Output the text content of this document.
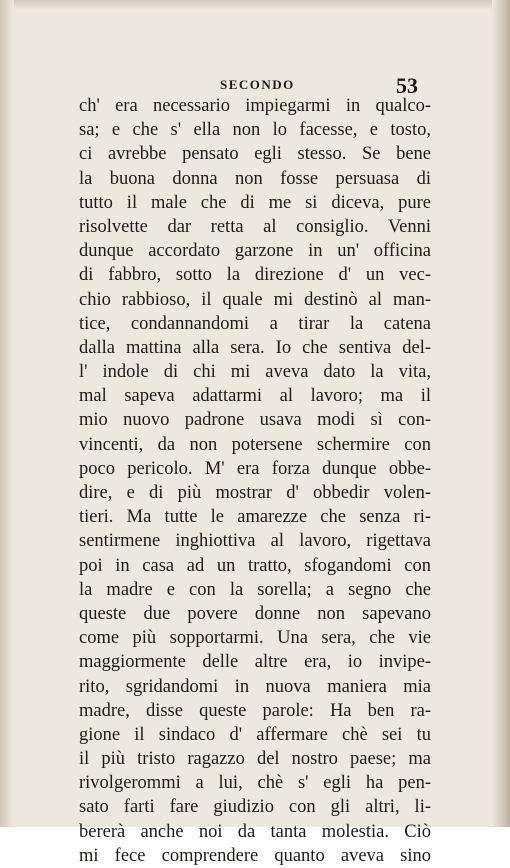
SECONDO	53
ch' era necessario impiegarmi in qualco-
sa; e che s' ella non lo facesse, e tosto,
ci avrebbe pensato egli stesso. Se bene
la buona donna non fosse persuasa di
tutto il male che di me si diceva, pure
risolvette dar retta al consiglio. Venni
dunque accordato garzone in un' officina
di fabbro, sotto la direzione d' un vec-
chio rabbioso, il quale mi destinò al man-
tice, condannandomi a tirar la catena
dalla mattina alla sera. Io che sentiva del-
l' indole di chi mi aveva dato la vita,
mal sapeva adattarmi al lavoro; ma il
mio nuovo padrone usava modi sì con-
vincenti, da non potersene schermire con
poco pericolo. M' era forza dunque obbe-
dire, e di più mostrar d' obbedir volen-
tieri. Ma tutte le amarezze che senza ri-
sentirmene inghiottiva al lavoro, rigettava
poi in casa ad un tratto, sfogandomi con
la madre e con la sorella; a segno che
queste due povere donne non sapevano
come più sopportarmi. Una sera, che vie
maggiormente delle altre era, io invipe-
rito, sgridandomi in nuova maniera mia
madre, disse queste parole: Ha ben ra-
gione il sindaco d' affermare chè sei tu
il più tristo ragazzo del nostro paese; ma
rivolgerommi a lui, chè s' egli ha pen-
sato farti fare giudizio con gli altri, li-
bererà anche noi da tanta molestia. Ciò
mi fece comprendere quanto aveva sino
